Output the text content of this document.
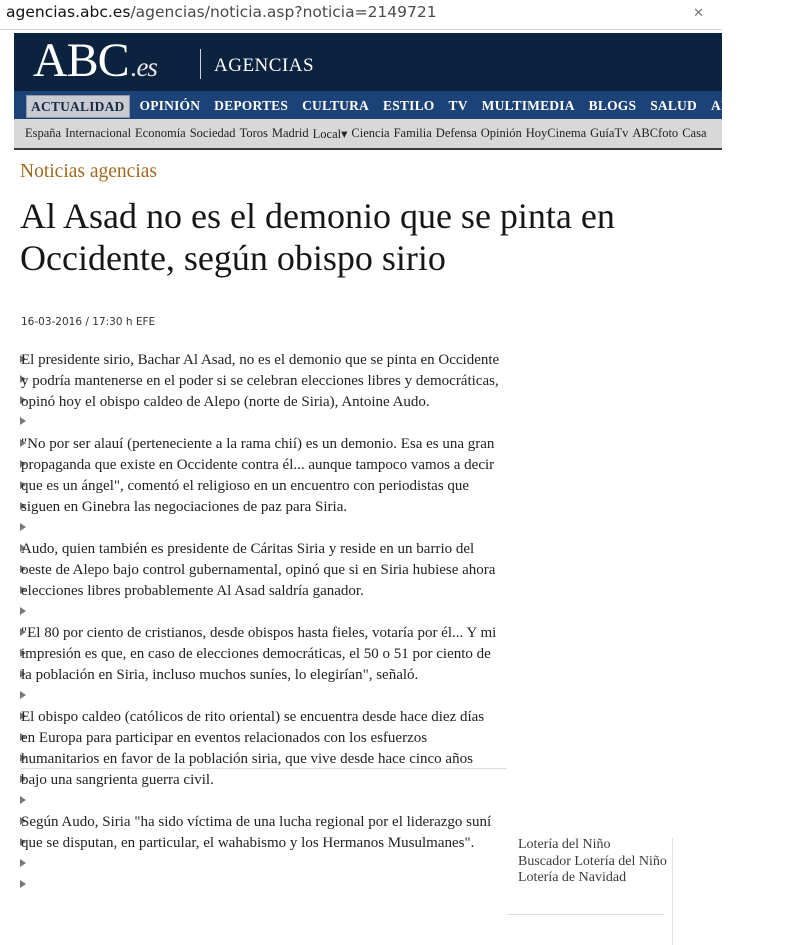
agencias.abc.es/agencias/noticia.asp?noticia=2149721	✕
ABC.es	AGENCIAS
ACTUALIDAD	OPINIÓN DEPORTES CULTURA ESTILO TV MULTIMEDIA BLOGS SALUD ARCHIVO
España Internacional Economía Sociedad Toros Madrid Local▾ Ciencia Familia Defensa Opinión HoyCinema GuíaTv ABCfoto Casa
Noticias agencias
Al Asad no es el demonio que se pinta en Occidente, según obispo sirio
16-03-2016 / 17:30 h EFE

El presidente sirio, Bachar Al Asad, no es el demonio que se pinta en Occidente y podría mantenerse en el poder si se celebran elecciones libres y democráticas, opinó hoy el obispo caldeo de Alepo (norte de Siria), Antoine Audo.

"No por ser alauí (perteneciente a la rama chií) es un demonio. Esa es una gran propaganda que existe en Occidente contra él... aunque tampoco vamos a decir que es un ángel", comentó el religioso en un encuentro con periodistas que siguen en Ginebra las negociaciones de paz para Siria.

Audo, quien también es presidente de Cáritas Siria y reside en un barrio del oeste de Alepo bajo control gubernamental, opinó que si en Siria hubiese ahora elecciones libres probablemente Al Asad saldría ganador.

"El 80 por ciento de cristianos, desde obispos hasta fieles, votaría por él... Y mi impresión es que, en caso de elecciones democráticas, el 50 o 51 por ciento de la población en Siria, incluso muchos suníes, lo elegirían", señaló.

El obispo caldeo (católicos de rito oriental) se encuentra desde hace diez días en Europa para participar en eventos relacionados con los esfuerzos humanitarios en favor de la población siria, que vive desde hace cinco años bajo una sangrienta guerra civil.

Según Audo, Siria "ha sido víctima de una lucha regional por el liderazgo suní que se disputan, en particular, el wahabismo y los Hermanos Musulmanes".	Lotería del Niño
Buscador Lotería del Niño
Lotería de Navidad
